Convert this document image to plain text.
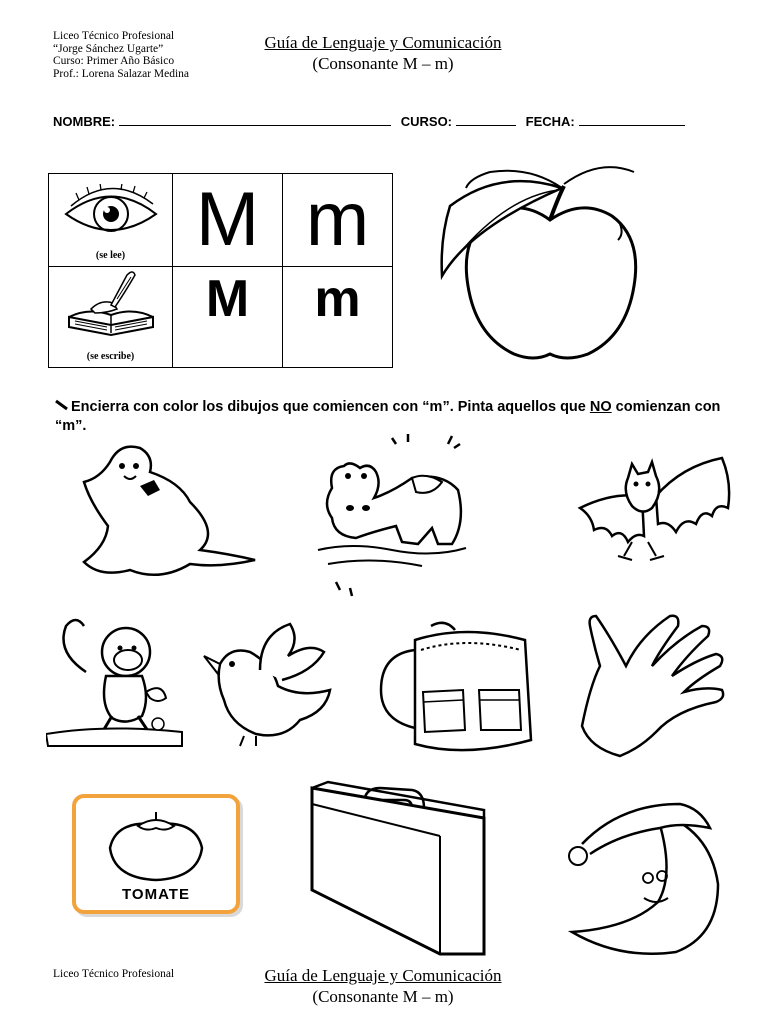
Liceo Técnico Profesional
“Jorge Sánchez Ugarte”
Curso: Primer Año Básico
Prof.: Lorena Salazar Medina
Guía de Lenguaje y Comunicación
(Consonante M – m)
NOMBRE:	CURSO:	FECHA:
(se lee)	M	m

(se escribe)	M	m
Encierra con color los dibujos que comiencen con “m”. Pinta aquellos que NO comienzan con “m”.
TOMATE
Liceo Técnico Profesional	Guía de Lenguaje y Comunicación
(Consonante M – m)
